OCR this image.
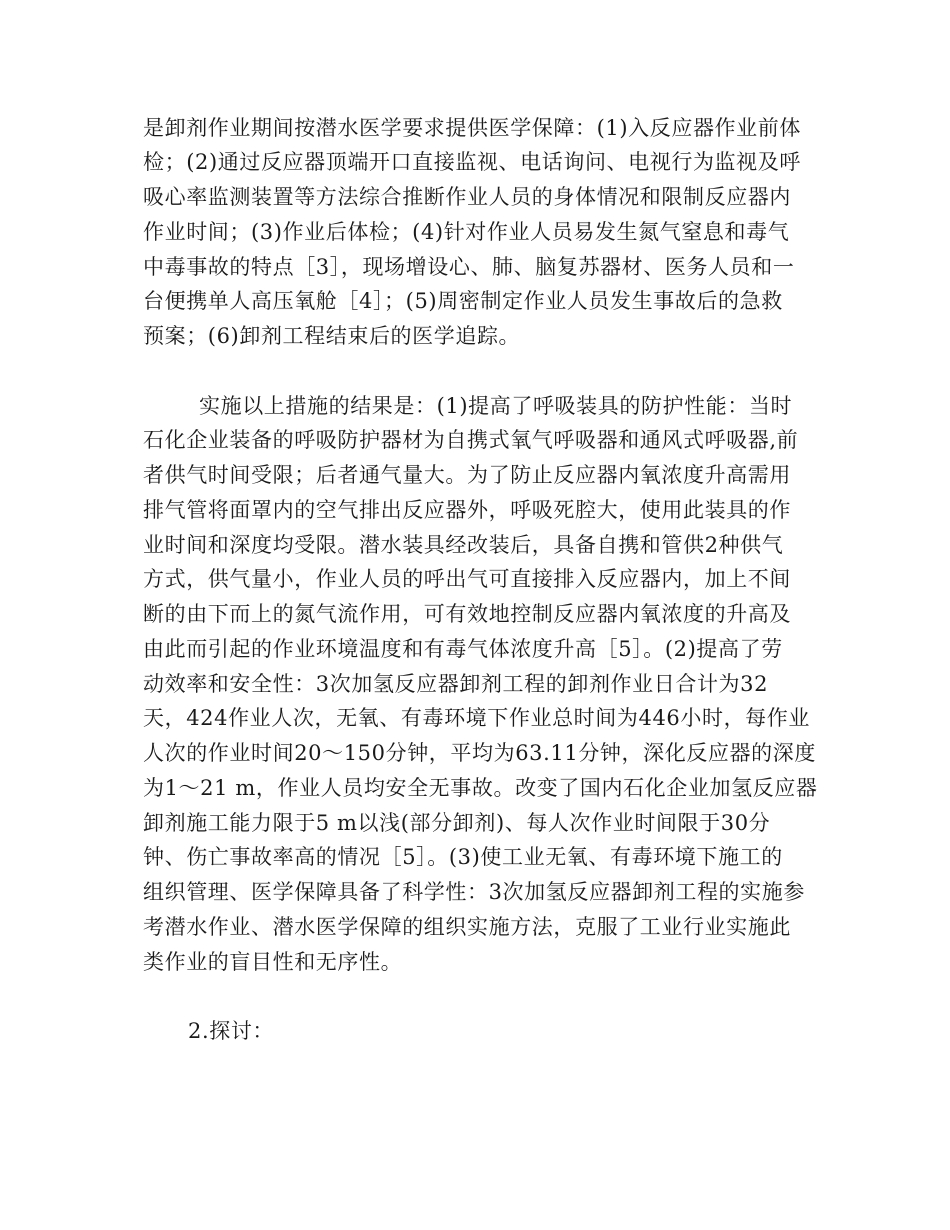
是卸剂作业期间按潜水医学要求提供医学保障：(1)入反应器作业前体
检；(2)通过反应器顶端开口直接监视、电话询问、电视行为监视及呼
吸心率监测装置等方法综合推断作业人员的身体情况和限制反应器内
作业时间；(3)作业后体检；(4)针对作业人员易发生氮气窒息和毒气
中毒事故的特点［3］，现场增设心、肺、脑复苏器材、医务人员和一
台便携单人高压氧舱［4］；(5)周密制定作业人员发生事故后的急救
预案；(6)卸剂工程结束后的医学追踪。
实施以上措施的结果是：(1)提高了呼吸装具的防护性能：当时
石化企业装备的呼吸防护器材为自携式氧气呼吸器和通风式呼吸器,前
者供气时间受限；后者通气量大。为了防止反应器内氧浓度升高需用
排气管将面罩内的空气排出反应器外，呼吸死腔大，使用此装具的作
业时间和深度均受限。潜水装具经改装后，具备自携和管供2种供气
方式，供气量小，作业人员的呼出气可直接排入反应器内，加上不间
断的由下而上的氮气流作用，可有效地控制反应器内氧浓度的升高及
由此而引起的作业环境温度和有毒气体浓度升高［5］。(2)提高了劳
动效率和安全性：3次加氢反应器卸剂工程的卸剂作业日合计为32
天，424作业人次，无氧、有毒环境下作业总时间为446小时，每作业
人次的作业时间20～150分钟，平均为63.11分钟，深化反应器的深度
为1～21 m，作业人员均安全无事故。改变了国内石化企业加氢反应器
卸剂施工能力限于5 m以浅(部分卸剂)、每人次作业时间限于30分
钟、伤亡事故率高的情况［5］。(3)使工业无氧、有毒环境下施工的
组织管理、医学保障具备了科学性：3次加氢反应器卸剂工程的实施参
考潜水作业、潜水医学保障的组织实施方法，克服了工业行业实施此
类作业的盲目性和无序性。
2.探讨：
